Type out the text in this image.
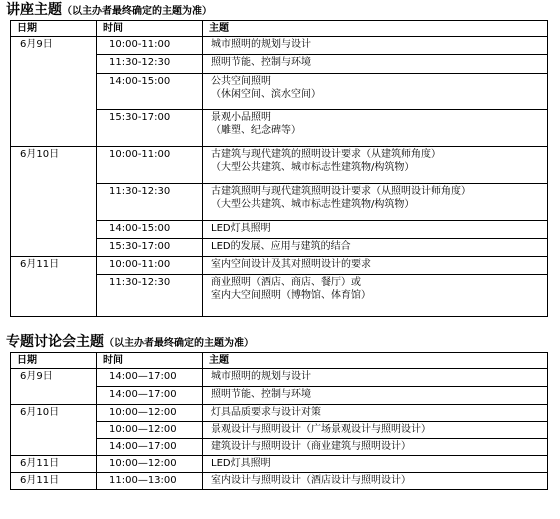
讲座主题（以主办者最终确定的主题为准）
日期	时间	主题
6月9日	10:00-11:00	城市照明的规划与设计

	11:30-12:30	照明节能、控制与环境

	14:00-15:00	公共空间照明
（休闲空间、滨水空间）

	15:30-17:00	景观小品照明
（雕塑、纪念碑等）

6月10日	10:00-11:00	古建筑与现代建筑的照明设计要求（从建筑师角度）
（大型公共建筑、城市标志性建筑物/构筑物）

	11:30-12:30	古建筑照明与现代建筑照明设计要求（从照明设计师角度）
（大型公共建筑、城市标志性建筑物/构筑物）

	14:00-15:00	LED灯具照明

	15:30-17:00	LED的发展、应用与建筑的结合

6月11日	10:00-11:00	室内空间设计及其对照明设计的要求

	11:30-12:30	商业照明（酒店、商店、餐厅）或
室内大空间照明（博物馆、体育馆）
专题讨论会主题（以主办者最终确定的主题为准）
日期	时间	主题
6月9日	14:00—17:00	城市照明的规划与设计
	14:00—17:00	照明节能、控制与环境
6月10日	10:00—12:00	灯具品质要求与设计对策
	10:00—12:00	景观设计与照明设计（广场景观设计与照明设计）
	14:00—17:00	建筑设计与照明设计（商业建筑与照明设计）
6月11日	10:00—12:00	LED灯具照明
6月11日	11:00—13:00	室内设计与照明设计（酒店设计与照明设计）
